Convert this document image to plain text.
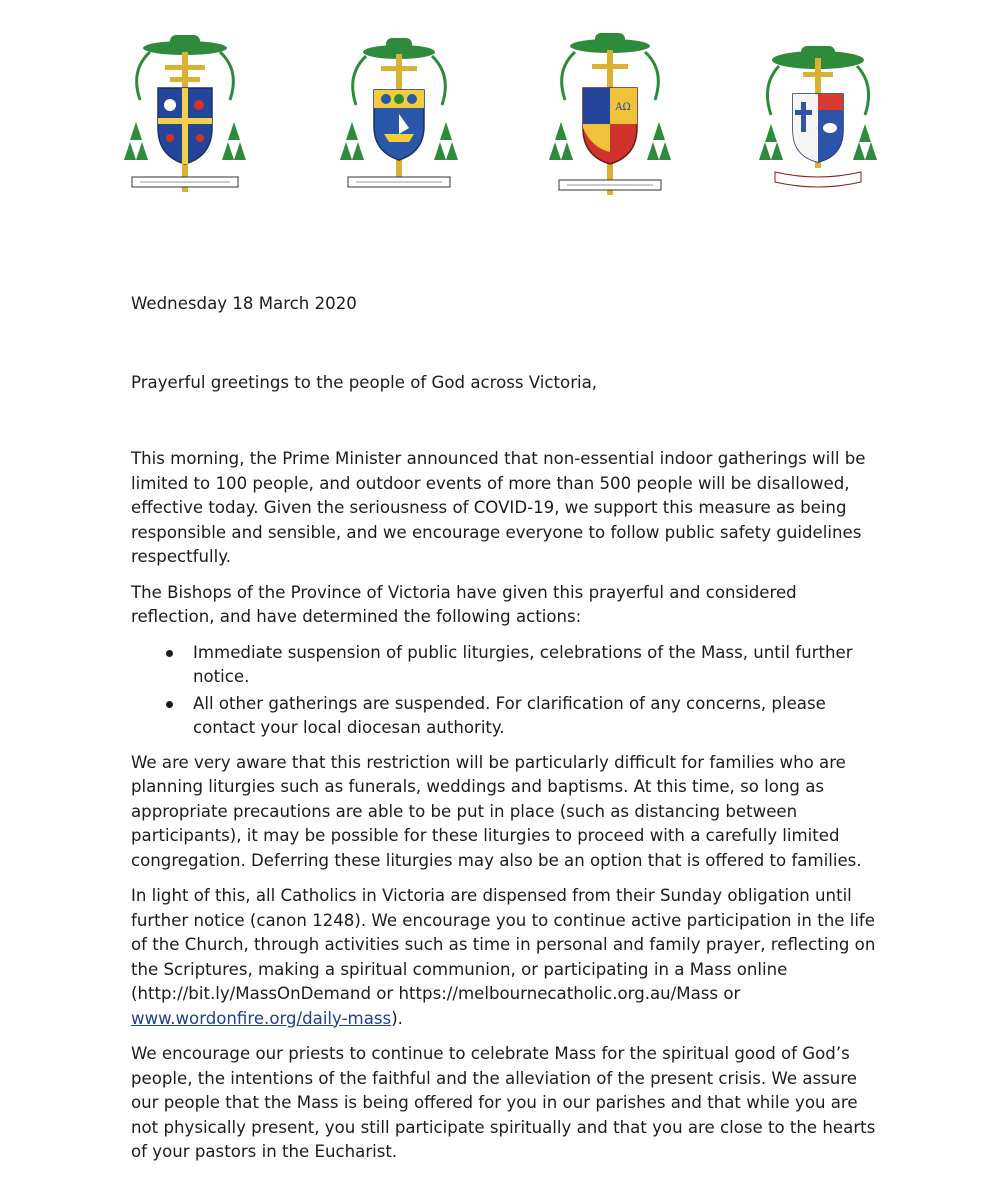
AΩ

Wednesday 18 March 2020

Prayerful greetings to the people of God across Victoria,

This morning, the Prime Minister announced that non-essential indoor gatherings will be limited to 100 people, and outdoor events of more than 500 people will be disallowed, effective today. Given the seriousness of COVID-19, we support this measure as being responsible and sensible, and we encourage everyone to follow public safety guidelines respectfully.

The Bishops of the Province of Victoria have given this prayerful and considered reflection, and have determined the following actions:

Immediate suspension of public liturgies, celebrations of the Mass, until further notice.
All other gatherings are suspended. For clarification of any concerns, please contact your local diocesan authority.

We are very aware that this restriction will be particularly difficult for families who are planning liturgies such as funerals, weddings and baptisms. At this time, so long as appropriate precautions are able to be put in place (such as distancing between participants), it may be possible for these liturgies to proceed with a carefully limited congregation. Deferring these liturgies may also be an option that is offered to families.

In light of this, all Catholics in Victoria are dispensed from their Sunday obligation until further notice (canon 1248). We encourage you to continue active participation in the life of the Church, through activities such as time in personal and family prayer, reflecting on the Scriptures, making a spiritual communion, or participating in a Mass online (http://bit.ly/MassOnDemand or https://melbournecatholic.org.au/Mass or www.wordonfire.org/daily-mass).

We encourage our priests to continue to celebrate Mass for the spiritual good of God’s people, the intentions of the faithful and the alleviation of the present crisis. We assure our people that the Mass is being offered for you in our parishes and that while you are not physically present, you still participate spiritually and that you are close to the hearts of your pastors in the Eucharist.
